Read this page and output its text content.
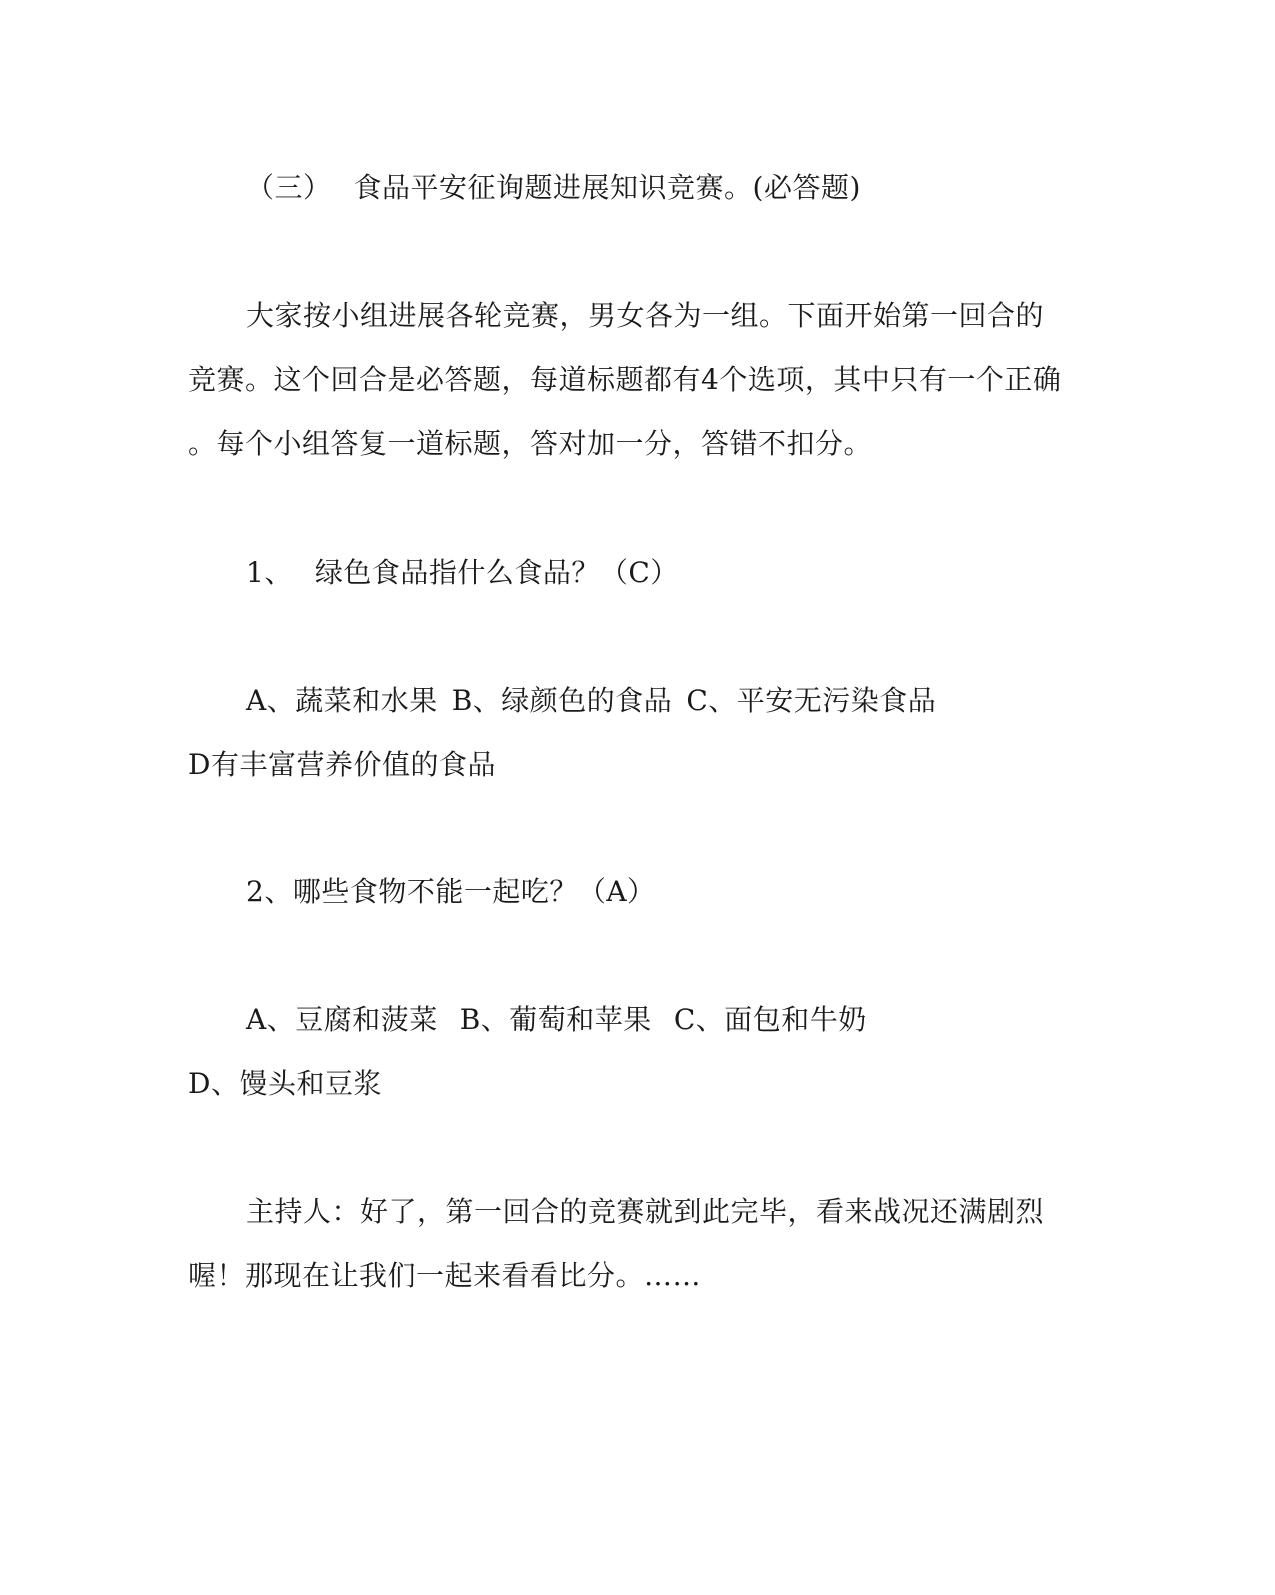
（三） 食品平安征询题进展知识竞赛。(必答题)
大家按小组进展各轮竞赛，男女各为一组。下面开始第一回合的
竞赛。这个回合是必答题，每道标题都有4个选项，其中只有一个正确
。每个小组答复一道标题，答对加一分，答错不扣分。
1、 绿色食品指什么食品？（C）
A、蔬菜和水果 B、绿颜色的食品 C、平安无污染食品
D有丰富营养价值的食品
2、哪些食物不能一起吃？（A）
A、豆腐和菠菜 B、葡萄和苹果 C、面包和牛奶
D、馒头和豆浆
主持人：好了，第一回合的竞赛就到此完毕，看来战况还满剧烈
喔！那现在让我们一起来看看比分。……
